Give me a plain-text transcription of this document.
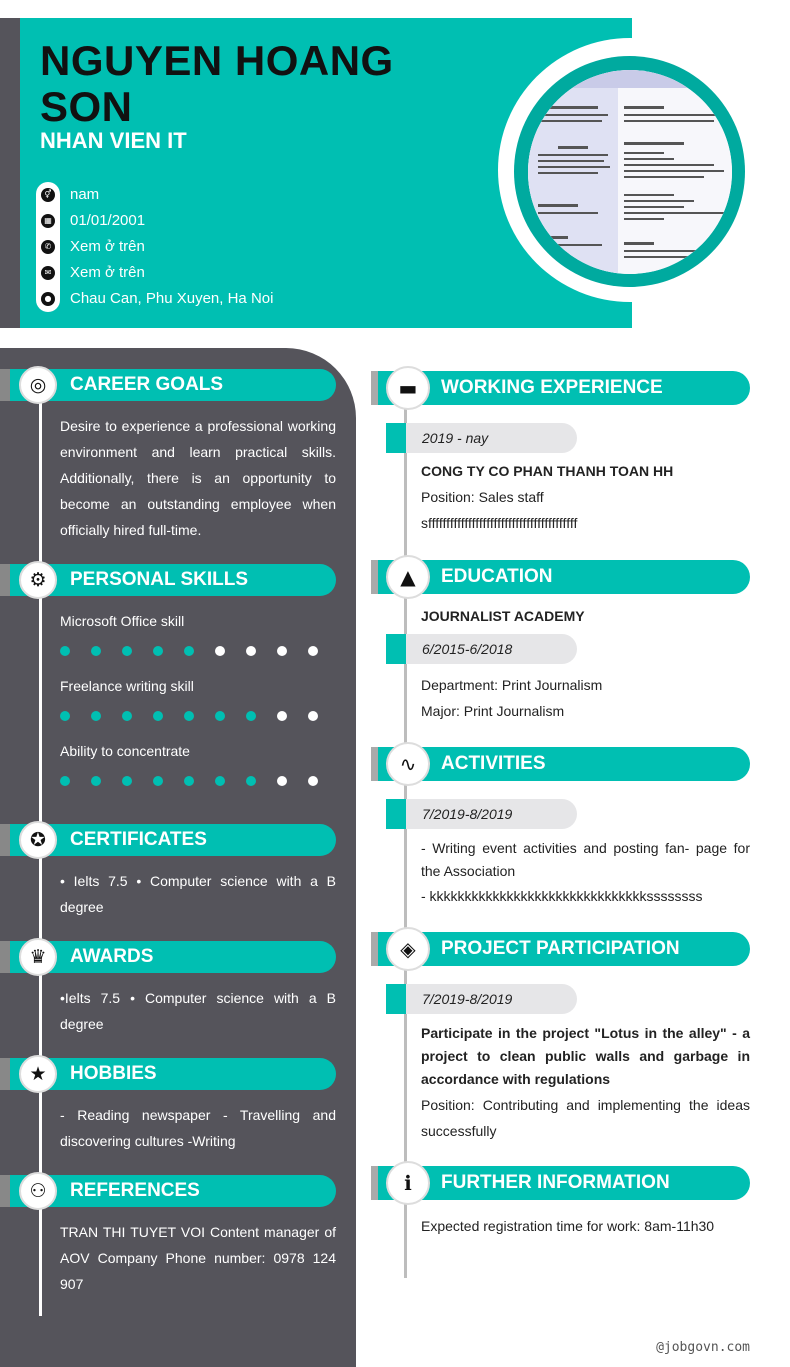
NGUYEN HOANG SON
NHAN VIEN IT
⚥ nam
▦ 01/01/2001
✆ Xem ở trên
✉ Xem ở trên
● Chau Can, Phu Xuyen, Ha Noi
◎ CAREER GOALS
Desire to experience a professional working environment and learn practical skills. Additionally, there is an opportunity to become an outstanding employee when officially hired full-time.
⚙ PERSONAL SKILLS
Microsoft Office skill
Freelance writing skill
Ability to concentrate
✪ CERTIFICATES
• Ielts 7.5 • Computer science with a B degree
♛ AWARDS
•Ielts 7.5 • Computer science with a B degree
★ HOBBIES
- Reading newspaper - Travelling and discovering cultures -Writing
⚇ REFERENCES
TRAN THI TUYET VOI Content manager of AOV Company Phone number: 0978 124 907
▬ WORKING EXPERIENCE
2019 - nay
CONG TY CO PHAN THANH TOAN HH
Position: Sales staff
sfffffffffffffffffffffffffffffffffffffffff
▲ EDUCATION
JOURNALIST ACADEMY
6/2015-6/2018
Department: Print Journalism
Major: Print Journalism
∿ ACTIVITIES
7/2019-8/2019
- Writing event activities and posting fan- page for the Association
- kkkkkkkkkkkkkkkkkkkkkkkkkkkkkkkssssssss
◈ PROJECT PARTICIPATION
7/2019-8/2019
Participate in the project "Lotus in the alley" - a project to clean public walls and garbage in accordance with regulations
Position: Contributing and implementing the ideas successfully
ℹ FURTHER INFORMATION
Expected registration time for work: 8am-11h30
@jobgovn.com
